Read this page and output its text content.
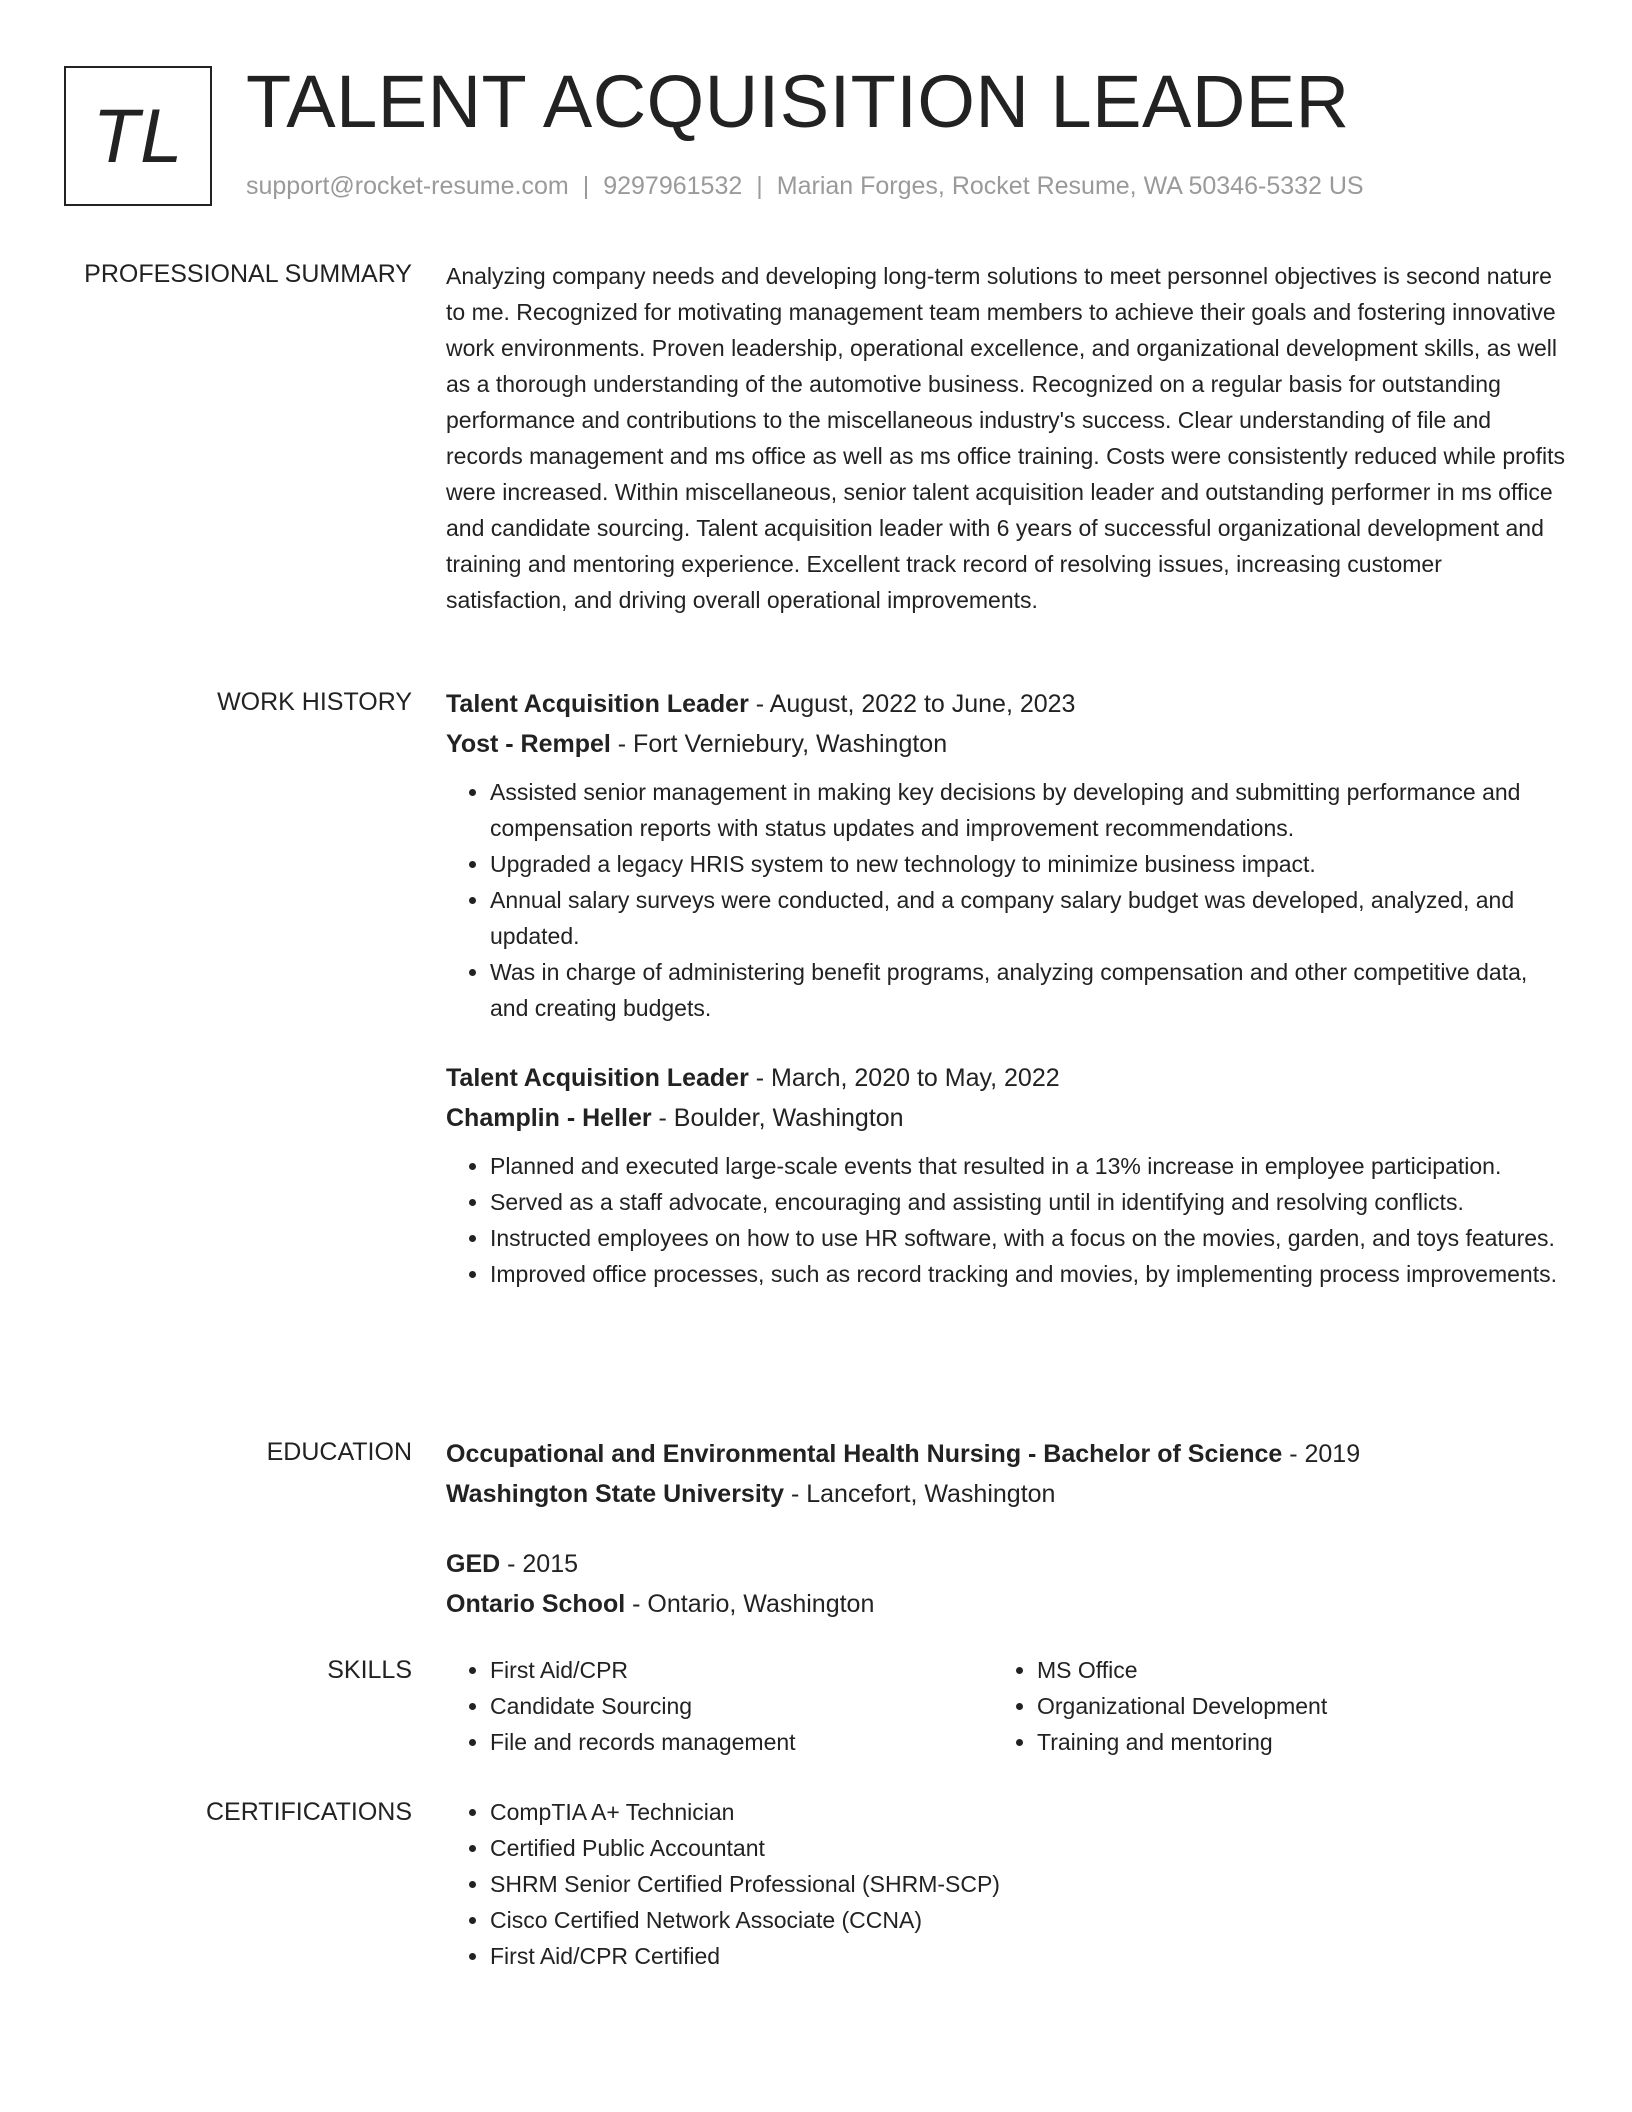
TL TALENT ACQUISITION LEADER
support@rocket-resume.com | 9297961532 | Marian Forges, Rocket Resume, WA 50346-5332 US
PROFESSIONAL SUMMARY Analyzing company needs and developing long-term solutions to meet personnel objectives is second nature to me. Recognized for motivating management team members to achieve their goals and fostering innovative work environments. Proven leadership, operational excellence, and organizational development skills, as well as a thorough understanding of the automotive business. Recognized on a regular basis for outstanding performance and contributions to the miscellaneous industry's success. Clear understanding of file and records management and ms office as well as ms office training. Costs were consistently reduced while profits were increased. Within miscellaneous, senior talent acquisition leader and outstanding performer in ms office and candidate sourcing. Talent acquisition leader with 6 years of successful organizational development and training and mentoring experience. Excellent track record of resolving issues, increasing customer satisfaction, and driving overall operational improvements.

WORK HISTORY Talent Acquisition Leader - August, 2022 to June, 2023
Yost - Rempel - Fort Verniebury, Washington
• Assisted senior management in making key decisions by developing and submitting performance and compensation reports with status updates and improvement recommendations.
• Upgraded a legacy HRIS system to new technology to minimize business impact.
• Annual salary surveys were conducted, and a company salary budget was developed, analyzed, and updated.
• Was in charge of administering benefit programs, analyzing compensation and other competitive data, and creating budgets.
Talent Acquisition Leader - March, 2020 to May, 2022
Champlin - Heller - Boulder, Washington
• Planned and executed large-scale events that resulted in a 13% increase in employee participation.
• Served as a staff advocate, encouraging and assisting until in identifying and resolving conflicts.
• Instructed employees on how to use HR software, with a focus on the movies, garden, and toys features.
• Improved office processes, such as record tracking and movies, by implementing process improvements.
EDUCATION Occupational and Environmental Health Nursing - Bachelor of Science - 2019
Washington State University - Lancefort, Washington
GED - 2015
Ontario School - Ontario, Washington
SKILLS	• First Aid/CPR
• Candidate Sourcing
• File and records management
• MS Office
• Organizational Development
• Training and mentoring
CERTIFICATIONS	• CompTIA A+ Technician
• Certified Public Accountant
• SHRM Senior Certified Professional (SHRM-SCP)
• Cisco Certified Network Associate (CCNA)
• First Aid/CPR Certified
